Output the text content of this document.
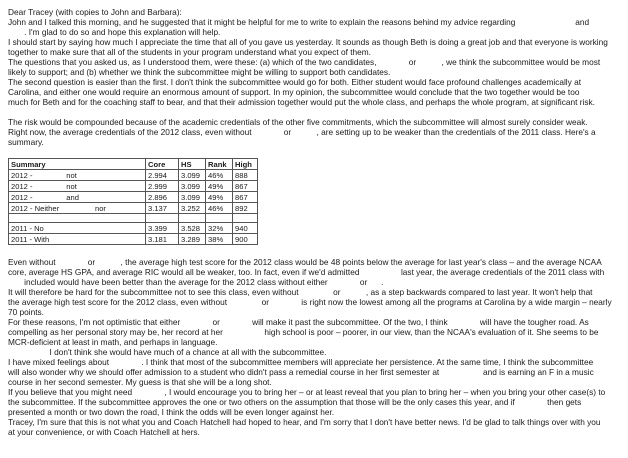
Dear Tracey (with copies to John and Barbara):
John and I talked this morning, and he suggested that it might be helpful for me to write to explain the reasons behind my advice regarding                          and
. I'm glad to do so and hope this explanation will help.
I should start by saying how much I appreciate the time that all of you gave us yesterday. It sounds as though Beth is doing a great job and that everyone is working
together to make sure that all of the students in your program understand what you expect of them.
The questions that you asked us, as I understood them, were these: (a) which of the two candidates,              or           , we think the subcommittee would be most
likely to support; and (b) whether we think the subcommittee might be willing to support both candidates.
The second question is easier than the first. I don't think the subcommittee would go for both. Either student would face profound challenges academically at
Carolina, and either one would require an enormous amount of support. In my opinion, the subcommittee would conclude that the two together would be too
much for Beth and for the coaching staff to bear, and that their admission together would put the whole class, and perhaps the whole program, at significant risk.
The risk would be compounded because of the academic credentials of the other five commitments, which the subcommittee will almost surely consider weak.
Right now, the average credentials of the 2012 class, even without              or           , are setting up to be weaker than the credentials of the 2011 class. Here's a
summary.
Summary	Core	HS	Rank	High
2012 -                not	2.994	3.099	46%	888
2012 -                not	2.999	3.099	49%	867
2012 -                and	2.896	3.099	49%	867
2012 - Neither                 nor	3.137	3.252	46%	892

2011 - No	3.399	3.528	32%	940
2011 - With	3.181	3.289	38%	900
Even without              or           , the average high test score for the 2012 class would be 48 points below the average for last year's class – and the average NCAA
core, average HS GPA, and average RIC would all be weaker, too. In fact, even if we'd admitted                  last year, the average credentials of the 2011 class with
included would have been better than the average for the 2012 class without either              or      .
It will therefore be hard for the subcommittee not to see this class, even without               or           , as a step backwards compared to last year. It won't help that
the average high test score for the 2012 class, even without               or              is right now the lowest among all the programs at Carolina by a wide margin – nearly
70 points.
For these reasons, I'm not optimistic that either              or              will make it past the subcommittee. Of the two, I think              will have the tougher road. As
compelling as her personal story may be, her record at her                  high school is poor – poorer, in our view, than the NCAA's evaluation of it. She seems to be
MCR-deficient at least in math, and perhaps in language.
I don't think she would have much of a chance at all with the subcommittee.
I have mixed feelings about              . I think that most of the subcommittee members will appreciate her persistence. At the same time, I think the subcommittee
will also wonder why we should offer admission to a student who didn't pass a remedial course in her first semester at                   and is earning an F in a music
course in her second semester. My guess is that she will be a long shot.
If you believe that you might need              , I would encourage you to bring her – or at least reveal that you plan to bring her – when you bring your other case(s) to
the subcommittee. If the subcommittee approves the one or two others on the assumption that those will be the only cases this year, and if              then gets
presented a month or two down the road, I think the odds will be even longer against her.
Tracey, I'm sure that this is not what you and Coach Hatchell had hoped to hear, and I'm sorry that I don't have better news. I'd be glad to talk things over with you
at your convenience, or with Coach Hatchell at hers.
